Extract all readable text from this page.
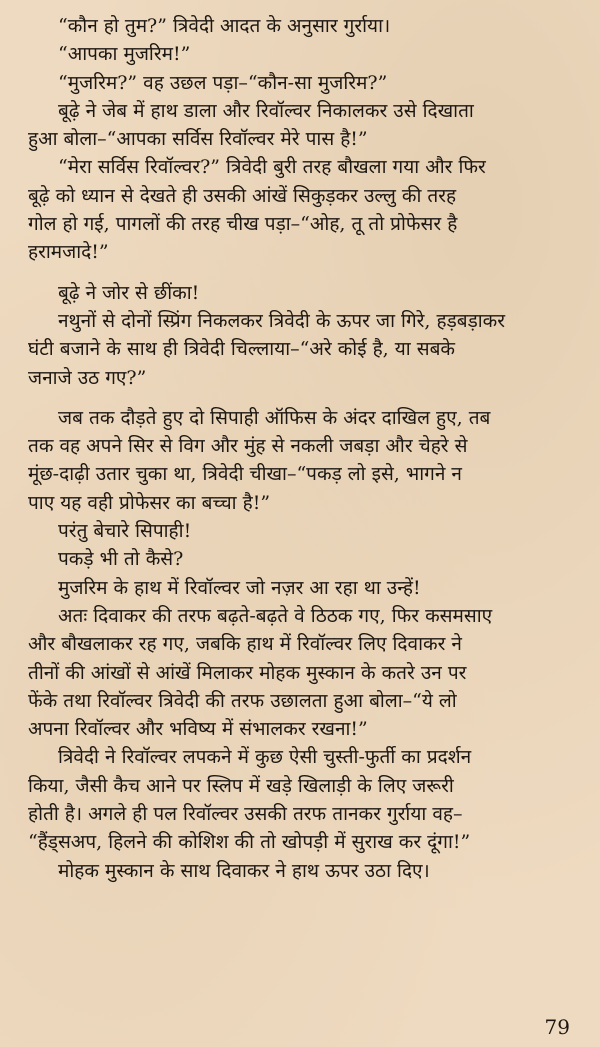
“कौन हो तुम?” त्रिवेदी आदत के अनुसार गुर्राया।
“आपका मुजरिम!”
“मुजरिम?” वह उछल पड़ा–“कौन-सा मुजरिम?”
बूढ़े ने जेब में हाथ डाला और रिवॉल्वर निकालकर उसे दिखाता
हुआ बोला–“आपका सर्विस रिवॉल्वर मेरे पास है!”
“मेरा सर्विस रिवॉल्वर?” त्रिवेदी बुरी तरह बौखला गया और फिर
बूढ़े को ध्यान से देखते ही उसकी आंखें सिकुड़कर उल्लु की तरह
गोल हो गई, पागलों की तरह चीख पड़ा–“ओह, तू तो प्रोफेसर है
हरामजादे!”
बूढ़े ने जोर से छींका!
नथुनों से दोनों स्प्रिंग निकलकर त्रिवेदी के ऊपर जा गिरे, हड़बड़ाकर
घंटी बजाने के साथ ही त्रिवेदी चिल्लाया–“अरे कोई है, या सबके
जनाजे उठ गए?”
जब तक दौड़ते हुए दो सिपाही ऑफिस के अंदर दाखिल हुए, तब
तक वह अपने सिर से विग और मुंह से नकली जबड़ा और चेहरे से
मूंछ-दाढ़ी उतार चुका था, त्रिवेदी चीखा–“पकड़ लो इसे, भागने न
पाए यह वही प्रोफेसर का बच्चा है!”
परंतु बेचारे सिपाही!
पकड़े भी तो कैसे?
मुजरिम के हाथ में रिवॉल्वर जो नज़र आ रहा था उन्हें!
अतः दिवाकर की तरफ बढ़ते-बढ़ते वे ठिठक गए, फिर कसमसाए
और बौखलाकर रह गए, जबकि हाथ में रिवॉल्वर लिए दिवाकर ने
तीनों की आंखों से आंखें मिलाकर मोहक मुस्कान के कतरे उन पर
फेंके तथा रिवॉल्वर त्रिवेदी की तरफ उछालता हुआ बोला–“ये लो
अपना रिवॉल्वर और भविष्य में संभालकर रखना!”
त्रिवेदी ने रिवॉल्वर लपकने में कुछ ऐसी चुस्ती-फुर्ती का प्रदर्शन
किया, जैसी कैच आने पर स्लिप में खड़े खिलाड़ी के लिए जरूरी
होती है। अगले ही पल रिवॉल्वर उसकी तरफ तानकर गुर्राया वह–
“हैंड्सअप, हिलने की कोशिश की तो खोपड़ी में सुराख कर दूंगा!”
मोहक मुस्कान के साथ दिवाकर ने हाथ ऊपर उठा दिए।
79
